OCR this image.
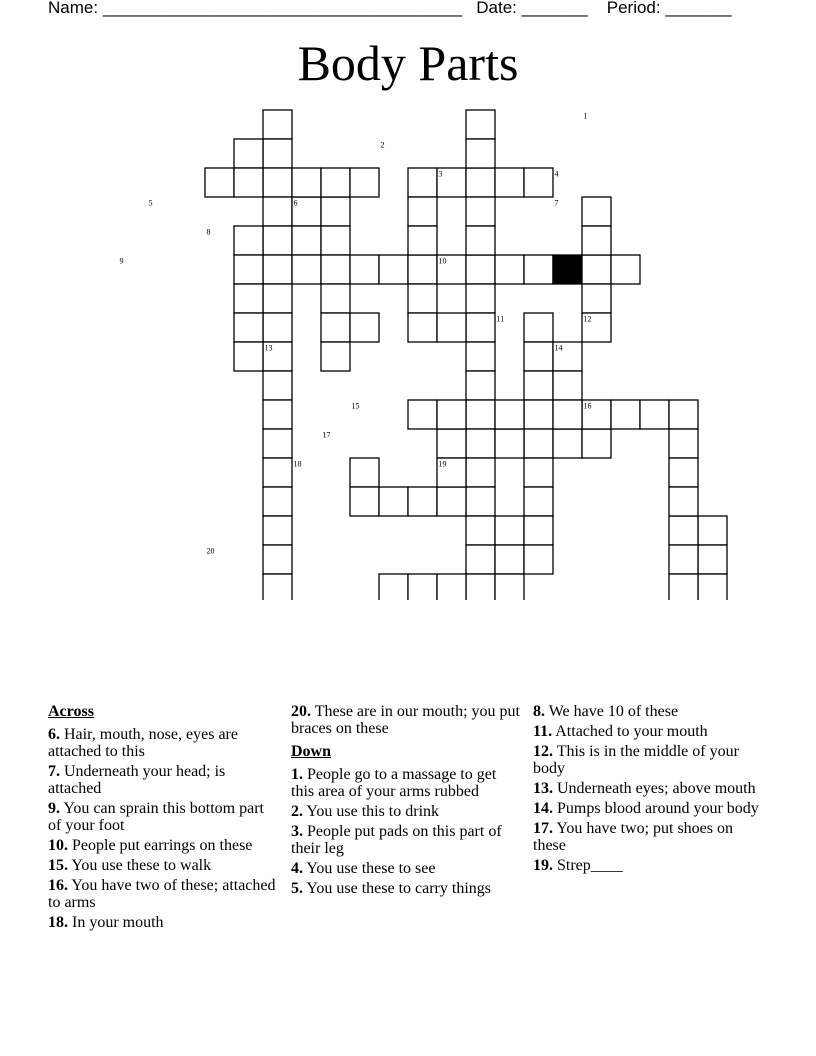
Name: ______________________________________ Date: _______ Period: _______
Body Parts
1
2
3	4
5	6	7
8
9	10
11	12
13	14
15	16
17
18	19
20
Across
6. Hair, mouth, nose, eyes are attached to this
7. Underneath your head; is attached
9. You can sprain this bottom part of your foot
10. People put earrings on these
15. You use these to walk
16. You have two of these; attached to arms
18. In your mouth
20. These are in our mouth; you put braces on these
Down
1. People go to a massage to get this area of your arms rubbed
2. You use this to drink
3. People put pads on this part of their leg
4. You use these to see
5. You use these to carry things
8. We have 10 of these
11. Attached to your mouth
12. This is in the middle of your body
13. Underneath eyes; above mouth
14. Pumps blood around your body
17. You have two; put shoes on these
19. Strep____
